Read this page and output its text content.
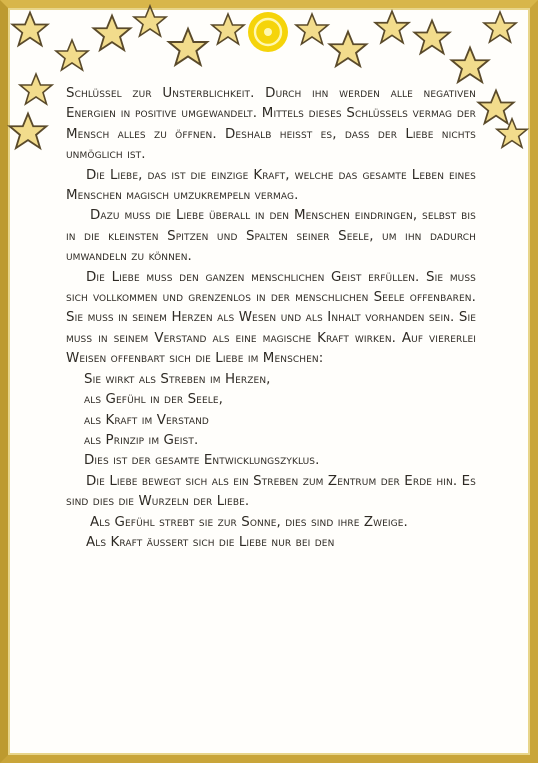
Schlüssel zur Unsterblichkeit. Durch ihn werden alle negativen Energien in positive umgewandelt. Mittels dieses Schlüssels vermag der Mensch alles zu öffnen. Deshalb heisst es, dass der Liebe nichts unmöglich ist.

Die Liebe, das ist die einzige Kraft, welche das gesamte Leben eines Menschen magisch umzukrempeln vermag.

Dazu muss die Liebe überall in den Menschen eindringen, selbst bis in die kleinsten Spitzen und Spalten seiner Seele, um ihn dadurch umwandeln zu können.

Die Liebe muss den ganzen menschlichen Geist erfüllen. Sie muss sich vollkommen und grenzenlos in der menschlichen Seele offenbaren. Sie muss in seinem Herzen als Wesen und als Inhalt vorhanden sein. Sie muss in seinem Verstand als eine magische Kraft wirken. Auf viererlei Weisen offenbart sich die Liebe im Menschen:

Sie wirkt als Streben im Herzen,

als Gefühl in der Seele,

als Kraft im Verstand

als Prinzip im Geist.

Dies ist der gesamte Entwicklungszyklus.

Die Liebe bewegt sich als ein Streben zum Zentrum der Erde hin. Es sind dies die Wurzeln der Liebe.

Als Gefühl strebt sie zur Sonne, dies sind ihre Zweige.

Als Kraft äussert sich die Liebe nur bei den
